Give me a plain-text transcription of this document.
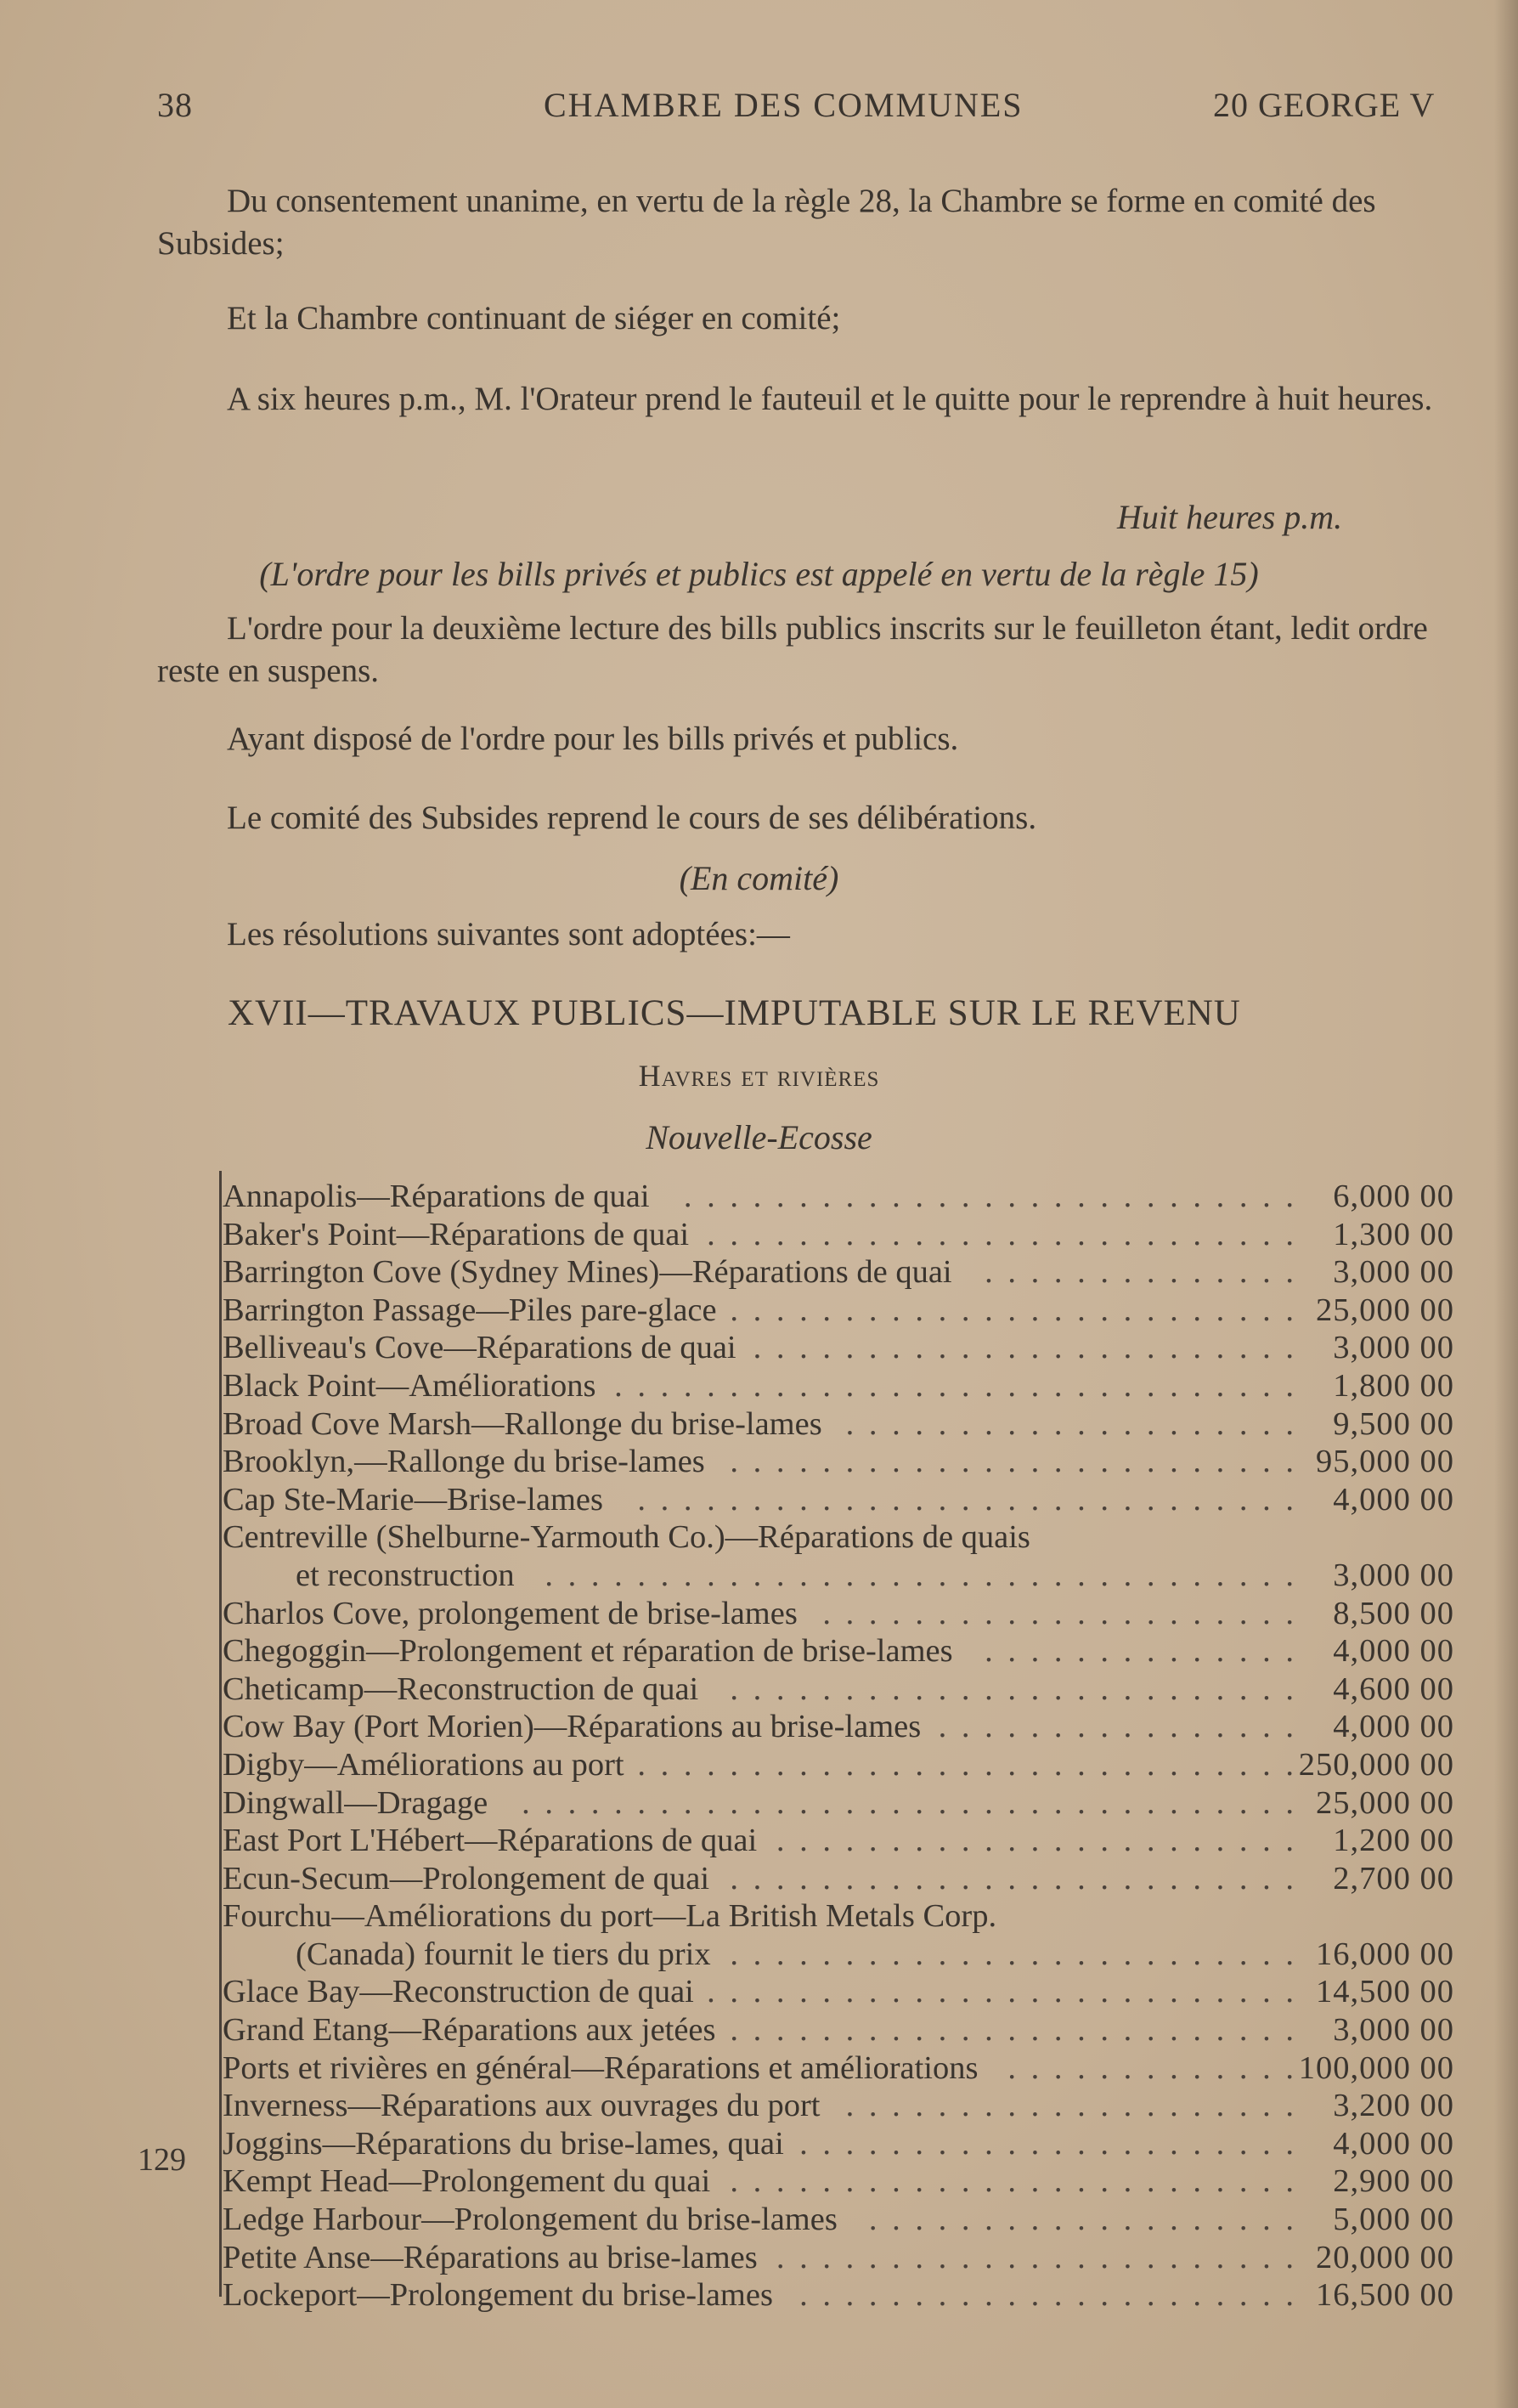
38	CHAMBRE DES COMMUNES	20 GEORGE V
Du consentement unanime, en vertu de la règle 28, la Chambre se forme en comité des Subsides;
Et la Chambre continuant de siéger en comité;
A six heures p.m., M. l'Orateur prend le fauteuil et le quitte pour le reprendre à huit heures.
Huit heures p.m.
(L'ordre pour les bills privés et publics est appelé en vertu de la règle 15)
L'ordre pour la deuxième lecture des bills publics inscrits sur le feuilleton étant, ledit ordre reste en suspens.
Ayant disposé de l'ordre pour les bills privés et publics.
Le comité des Subsides reprend le cours de ses délibérations.
(En comité)
Les résolutions suivantes sont adoptées:—
XVII—TRAVAUX PUBLICS—IMPUTABLE SUR LE REVENU
Havres et rivières
Nouvelle-Ecosse
129
Annapolis—Réparations de quai . . . . . . . . . . . . . . . . . . . . . . . . . . .	6,000 00
Baker's Point—Réparations de quai . . . . . . . . . . . . . . . . . . . . . . . . . .	1,300 00
Barrington Cove (Sydney Mines)—Réparations de quai . . . . . . . . . . . . . .	3,000 00
Barrington Passage—Piles pare-glace . . . . . . . . . . . . . . . . . . . . . . . . . 25,000 00
Belliveau's Cove—Réparations de quai . . . . . . . . . . . . . . . . . . . . . . . .	3,000 00
Black Point—Améliorations . . . . . . . . . . . . . . . . . . . . . . . . . . . . . .	1,800 00
Broad Cove Marsh—Rallonge du brise-lames . . . . . . . . . . . . . . . . . . . .	9,500 00
Brooklyn,—Rallonge du brise-lames . . . . . . . . . . . . . . . . . . . . . . . . . 95,000 00
Cap Ste-Marie—Brise-lames . . . . . . . . . . . . . . . . . . . . . . . . . . . . .	4,000 00
Centreville (Shelburne-Yarmouth Co.)—Réparations de quais
et reconstruction . . . . . . . . . . . . . . . . . . . . . . . . . . . . . . . . .	3,000 00
Charlos Cove, prolongement de brise-lames . . . . . . . . . . . . . . . . . . . . .	8,500 00
Chegoggin—Prolongement et réparation de brise-lames . . . . . . . . . . . . . .	4,000 00
Cheticamp—Reconstruction de quai . . . . . . . . . . . . . . . . . . . . . . . . .	4,600 00
Cow Bay (Port Morien)—Réparations au brise-lames . . . . . . . . . . . . . . . .	4,000 00
Digby—Améliorations au port . . . . . . . . . . . . . . . . . . . . . . . . . . . . . 250,000 00
Dingwall—Dragage . . . . . . . . . . . . . . . . . . . . . . . . . . . . . . . . . . 25,000 00
East Port L'Hébert—Réparations de quai . . . . . . . . . . . . . . . . . . . . . . .	1,200 00
Ecun-Secum—Prolongement de quai . . . . . . . . . . . . . . . . . . . . . . . . .	2,700 00
Fourchu—Améliorations du port—La British Metals Corp.
(Canada) fournit le tiers du prix . . . . . . . . . . . . . . . . . . . . . . . . . 16,000 00
Glace Bay—Reconstruction de quai . . . . . . . . . . . . . . . . . . . . . . . . . . 14,500 00
Grand Etang—Réparations aux jetées . . . . . . . . . . . . . . . . . . . . . . . . .	3,000 00
Ports et rivières en général—Réparations et améliorations . . . . . . . . . . . . . 100,000 00
Inverness—Réparations aux ouvrages du port . . . . . . . . . . . . . . . . . . . .	3,200 00
Joggins—Réparations du brise-lames, quai . . . . . . . . . . . . . . . . . . . . . .	4,000 00
Kempt Head—Prolongement du quai . . . . . . . . . . . . . . . . . . . . . . . . .	2,900 00
Ledge Harbour—Prolongement du brise-lames . . . . . . . . . . . . . . . . . . .	5,000 00
Petite Anse—Réparations au brise-lames . . . . . . . . . . . . . . . . . . . . . . . 20,000 00
Lockeport—Prolongement du brise-lames . . . . . . . . . . . . . . . . . . . . . . 16,500 00
